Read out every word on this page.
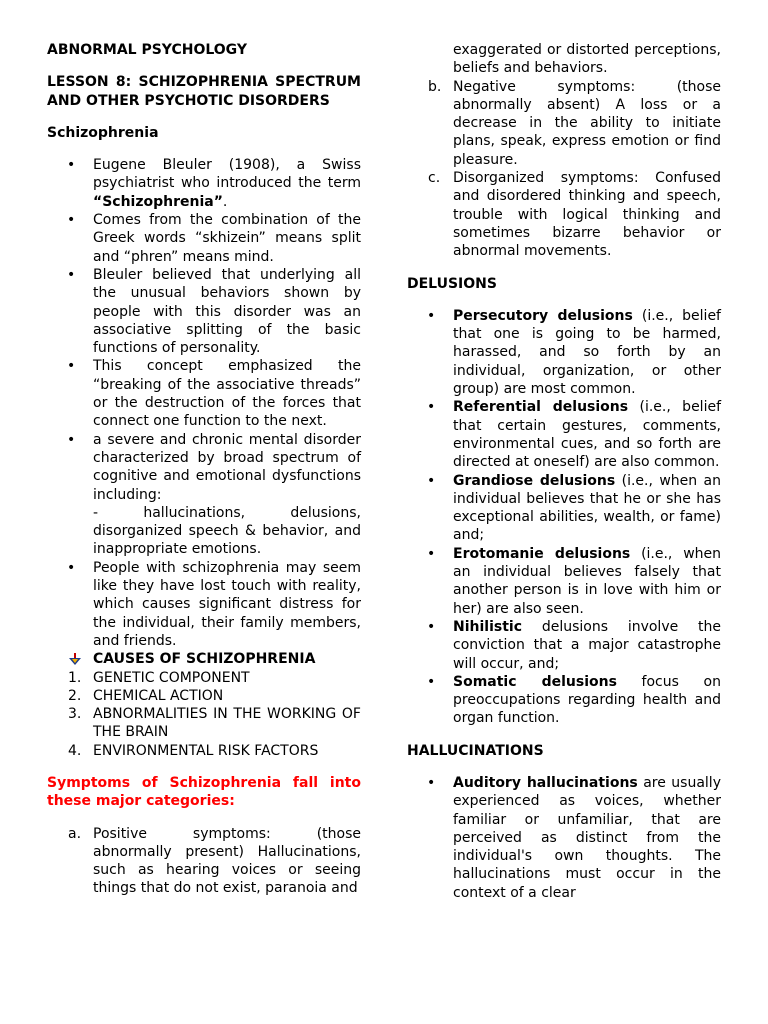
ABNORMAL PSYCHOLOGY

LESSON 8: SCHIZOPHRENIA SPECTRUM AND OTHER PSYCHOTIC DISORDERS

Schizophrenia

• Eugene Bleuler (1908), a Swiss psychiatrist who introduced the term “Schizophrenia”.
• Comes from the combination of the Greek words “skhizein” means split and “phren” means mind.
• Bleuler believed that underlying all the unusual behaviors shown by people with this disorder was an associative splitting of the basic functions of personality.
• This concept emphasized the “breaking of the associative threads” or the destruction of the forces that connect one function to the next.
• a severe and chronic mental disorder characterized by broad spectrum of cognitive and emotional dysfunctions including:
- hallucinations, delusions, disorganized speech & behavior, and inappropriate emotions.
• People with schizophrenia may seem like they have lost touch with reality, which causes significant distress for the individual, their family members, and friends.
CAUSES OF SCHIZOPHRENIA
1. GENETIC COMPONENT
2. CHEMICAL ACTION
3. ABNORMALITIES IN THE WORKING OF THE BRAIN
4. ENVIRONMENTAL RISK FACTORS

Symptoms of Schizophrenia fall into these major categories:

a. Positive symptoms: (those abnormally present) Hallucinations, such as hearing voices or seeing things that do not exist, paranoia and
exaggerated or distorted perceptions, beliefs and behaviors.
b. Negative symptoms: (those abnormally absent) A loss or a decrease in the ability to initiate plans, speak, express emotion or find pleasure.
c. Disorganized symptoms: Confused and disordered thinking and speech, trouble with logical thinking and sometimes bizarre behavior or abnormal movements.

DELUSIONS

• Persecutory delusions (i.e., belief that one is going to be harmed, harassed, and so forth by an individual, organization, or other group) are most common.
• Referential delusions (i.e., belief that certain gestures, comments, environmental cues, and so forth are directed at oneself) are also common.
• Grandiose delusions (i.e., when an individual believes that he or she has exceptional abilities, wealth, or fame) and;
• Erotomanie delusions (i.e., when an individual believes falsely that another person is in love with him or her) are also seen.
• Nihilistic delusions involve the conviction that a major catastrophe will occur, and;
• Somatic delusions focus on preoccupations regarding health and organ function.

HALLUCINATIONS

• Auditory hallucinations are usually experienced as voices, whether familiar or unfamiliar, that are perceived as distinct from the individual's own thoughts. The hallucinations must occur in the context of a clear
